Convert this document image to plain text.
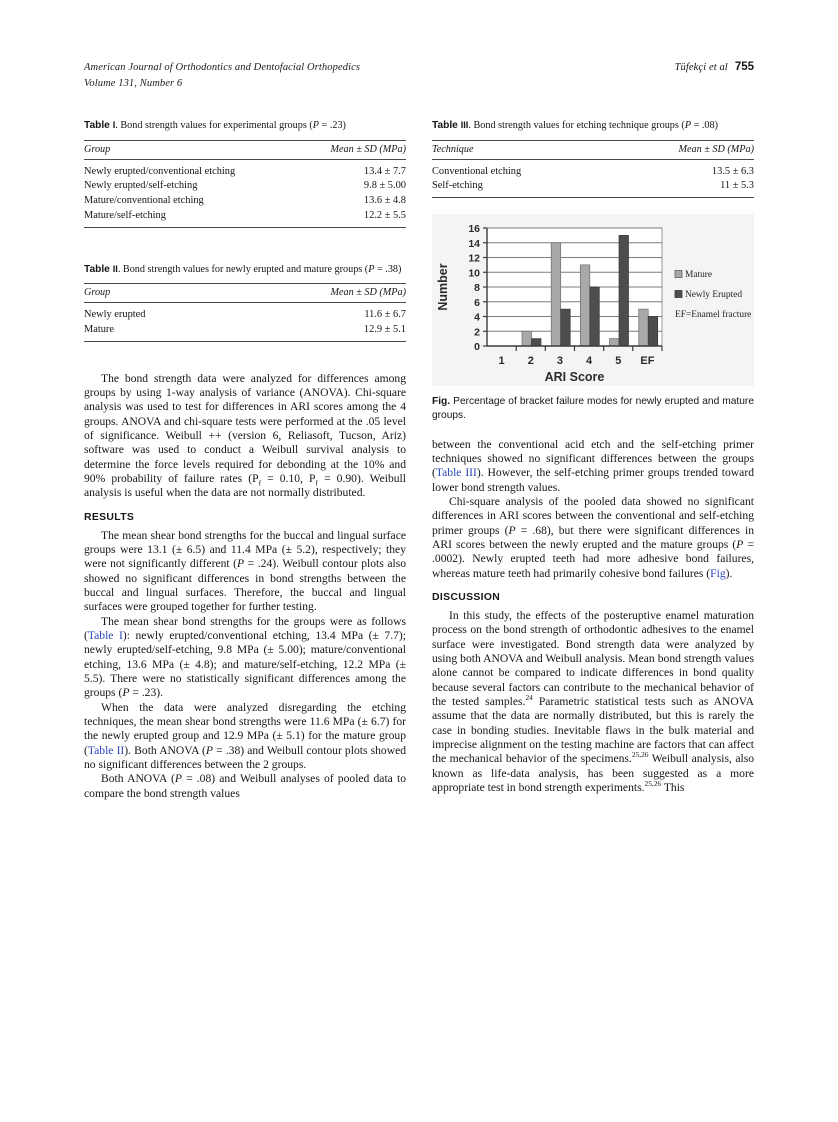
American Journal of Orthodontics and Dentofacial Orthopedics
Volume 131, Number 6
Tüfekçi et al 755
Table I. Bond strength values for experimental groups (P = .23)
Group	Mean ± SD (MPa)
Newly erupted/conventional etching	13.4 ± 7.7
Newly erupted/self-etching	9.8 ± 5.00
Mature/conventional etching	13.6 ± 4.8
Mature/self-etching	12.2 ± 5.5

Table II. Bond strength values for newly erupted and mature groups (P = .38)
Group	Mean ± SD (MPa)
Newly erupted	11.6 ± 6.7
Mature	12.9 ± 5.1

The bond strength data were analyzed for differences among groups by using 1-way analysis of variance (ANOVA). Chi-square analysis was used to test for differences in ARI scores among the 4 groups. ANOVA and chi-square tests were performed at the .05 level of significance. Weibull ++ (version 6, Reliasoft, Tucson, Ariz) software was used to conduct a Weibull survival analysis to determine the force levels required for debonding at the 10% and 90% probability of failure rates ($P_f = 0.10$, $P_f = 0.90$). Weibull analysis is useful when the data are not normally distributed.

RESULTS

The mean shear bond strengths for the buccal and lingual surface groups were 13.1 (± 6.5) and 11.4 MPa (± 5.2), respectively; they were not significantly different (P = .24). Weibull contour plots also showed no significant differences in bond strengths between the buccal and lingual surfaces. Therefore, the buccal and lingual surfaces were grouped together for further testing.

The mean shear bond strengths for the groups were as follows (Table I): newly erupted/conventional etching, 13.4 MPa (± 7.7); newly erupted/self-etching, 9.8 MPa (± 5.00); mature/conventional etching, 13.6 MPa (± 4.8); and mature/self-etching, 12.2 MPa (± 5.5). There were no statistically significant differences among the groups (P = .23).

When the data were analyzed disregarding the etching techniques, the mean shear bond strengths were 11.6 MPa (± 6.7) for the newly erupted group and 12.9 MPa (± 5.1) for the mature group (Table II). Both ANOVA (P = .38) and Weibull contour plots showed no significant differences between the 2 groups.

Both ANOVA (P = .08) and Weibull analyses of pooled data to compare the bond strength values

Table III. Bond strength values for etching technique groups (P = .08)
Technique	Mean ± SD (MPa)
Conventional etching	13.5 ± 6.3
Self-etching	11 ± 5.3

16
14
12
10
8
6
4
2
0
Number
1 2 3 4 5 EF
ARI Score
Mature
Newly Erupted
EF=Enamel fracture
Fig. Percentage of bracket failure modes for newly erupted and mature groups.

between the conventional acid etch and the self-etching primer techniques showed no significant differences between the groups (Table III). However, the self-etching primer groups trended toward lower bond strength values.

Chi-square analysis of the pooled data showed no significant differences in ARI scores between the conventional and self-etching primer groups (P = .68), but there were significant differences in ARI scores between the newly erupted and the mature groups (P = .0002). Newly erupted teeth had more adhesive bond failures, whereas mature teeth had primarily cohesive bond failures (Fig).

DISCUSSION

In this study, the effects of the posteruptive enamel maturation process on the bond strength of orthodontic adhesives to the enamel surface were investigated. Bond strength data were analyzed by using both ANOVA and Weibull analysis. Mean bond strength values alone cannot be compared to indicate differences in bond quality because several factors can contribute to the mechanical behavior of the tested samples.$^{24}$ Parametric statistical tests such as ANOVA assume that the data are normally distributed, but this is rarely the case in bonding studies. Inevitable flaws in the bulk material and imprecise alignment on the testing machine are factors that can affect the mechanical behavior of the specimens.$^{25,26}$ Weibull analysis, also known as life-data analysis, has been suggested as a more appropriate test in bond strength experiments.$^{25,26}$ This
